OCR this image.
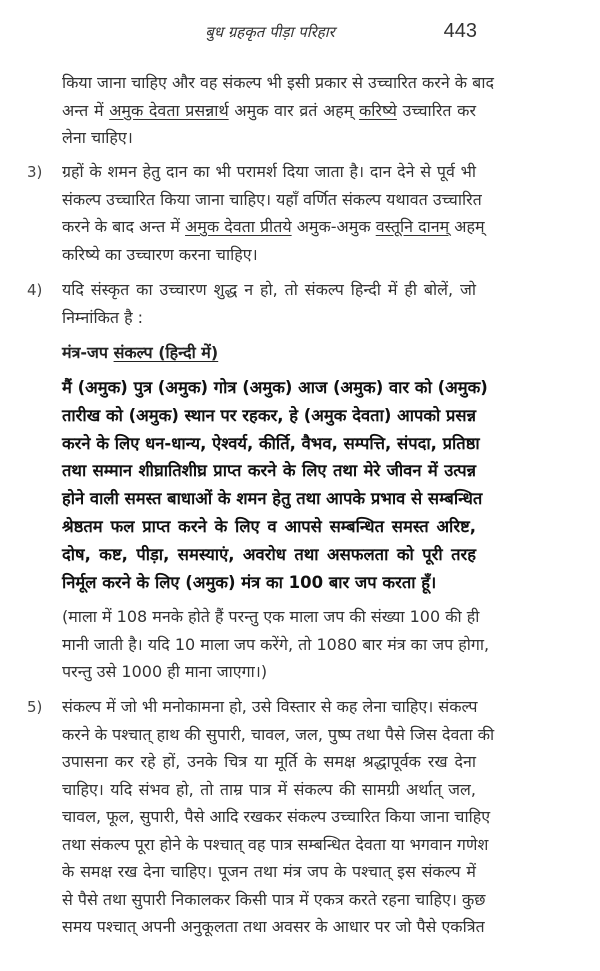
बुध ग्रहकृत पीड़ा परिहार	443
किया जाना चाहिए और वह संकल्प भी इसी प्रकार से उच्चारित करने के बाद
अन्त में अमुक देवता प्रसन्नार्थ अमुक वार व्रतं अहम् करिष्ये उच्चारित कर
लेना चाहिए।
3) ग्रहों के शमन हेतु दान का भी परामर्श दिया जाता है। दान देने से पूर्व भी
संकल्प उच्चारित किया जाना चाहिए। यहाँ वर्णित संकल्प यथावत उच्चारित
करने के बाद अन्त में अमुक देवता प्रीतये अमुक-अमुक वस्तूनि दानम् अहम्
करिष्ये का उच्चारण करना चाहिए।
4) यदि संस्कृत का उच्चारण शुद्ध न हो, तो संकल्प हिन्दी में ही बोलें, जो
निम्नांकित है :
मंत्र-जप संकल्प (हिन्दी में)
मैं (अमुक) पुत्र (अमुक) गोत्र (अमुक) आज (अमुक) वार को (अमुक)
तारीख को (अमुक) स्थान पर रहकर, हे (अमुक देवता) आपको प्रसन्न
करने के लिए धन-धान्य, ऐश्वर्य, कीर्ति, वैभव, सम्पत्ति, संपदा, प्रतिष्ठा
तथा सम्मान शीघ्रातिशीघ्र प्राप्त करने के लिए तथा मेरे जीवन में उत्पन्न
होने वाली समस्त बाधाओं के शमन हेतु तथा आपके प्रभाव से सम्बन्धित
श्रेष्ठतम फल प्राप्त करने के लिए व आपसे सम्बन्धित समस्त अरिष्ट,
दोष, कष्ट, पीड़ा, समस्याएं, अवरोध तथा असफलता को पूरी तरह
निर्मूल करने के लिए (अमुक) मंत्र का 100 बार जप करता हूँ।
(माला में 108 मनके होते हैं परन्तु एक माला जप की संख्या 100 की ही
मानी जाती है। यदि 10 माला जप करेंगे, तो 1080 बार मंत्र का जप होगा,
परन्तु उसे 1000 ही माना जाएगा।)
5) संकल्प में जो भी मनोकामना हो, उसे विस्तार से कह लेना चाहिए। संकल्प
करने के पश्चात् हाथ की सुपारी, चावल, जल, पुष्प तथा पैसे जिस देवता की
उपासना कर रहे हों, उनके चित्र या मूर्ति के समक्ष श्रद्धापूर्वक रख देना
चाहिए। यदि संभव हो, तो ताम्र पात्र में संकल्प की सामग्री अर्थात् जल,
चावल, फूल, सुपारी, पैसे आदि रखकर संकल्प उच्चारित किया जाना चाहिए
तथा संकल्प पूरा होने के पश्चात् वह पात्र सम्बन्धित देवता या भगवान गणेश
के समक्ष रख देना चाहिए। पूजन तथा मंत्र जप के पश्चात् इस संकल्प में
से पैसे तथा सुपारी निकालकर किसी पात्र में एकत्र करते रहना चाहिए। कुछ
समय पश्चात् अपनी अनुकूलता तथा अवसर के आधार पर जो पैसे एकत्रित
